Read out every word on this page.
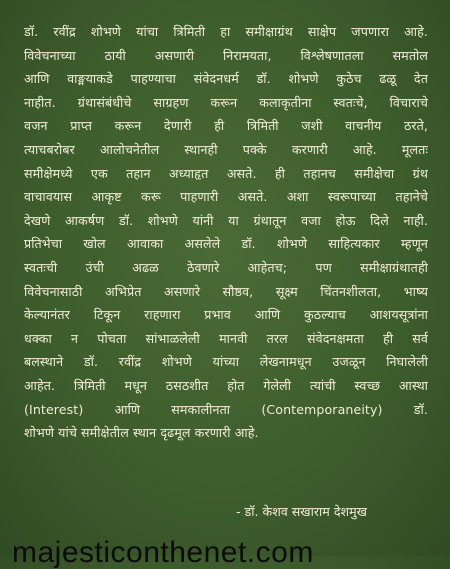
डॉ. रवींद्र शोभणे यांचा त्रिमिती हा समीक्षाग्रंथ साक्षेप जपणारा आहे.
विवेचनाच्या ठायी असणारी निरामयता, विश्लेषणातला समतोल
आणि वाङ्मयाकडे पाहण्याचा संवेदनधर्म डॉ. शोभणे कुठेच ढळू देत
नाहीत. ग्रंथासंबंधीचे साग्रहण करून कलाकृतीना स्वतःचे, विचाराचे
वजन प्राप्त करून देणारी ही त्रिमिती जशी वाचनीय ठरते,
त्याचबरोबर आलोचनेतील स्थानही पक्के करणारी आहे. मूलतः
समीक्षेमध्ये एक तहान अध्याहृत असते. ही तहानच समीक्षेचा ग्रंथ
वाचावयास आकृष्ट करू पाहणारी असते. अशा स्वरूपाच्या तहानेचे
देखणे आकर्षण डॉ. शोभणे यांनी या ग्रंथातून वजा होऊ दिले नाही.
प्रतिभेचा खोल आवाका असलेले डॉ. शोभणे साहित्यकार म्हणून
स्वतःची उंची अढळ ठेवणारे आहेतच; पण समीक्षाग्रंथातही
विवेचनासाठी अभिप्रेत असणारे सौष्ठव, सूक्ष्म चिंतनशीलता, भाष्य
केल्यानंतर टिकून राहणारा प्रभाव आणि कुठल्याच आशयसूत्रांना
धक्का न पोचता सांभाळलेली मानवी तरल संवेदनक्षमता ही सर्व
बलस्थाने डॉ. रवींद्र शोभणे यांच्या लेखनामधून उजळून निघालेली
आहेत. त्रिमिती मधून ठसठशीत होत गेलेली त्यांची स्वच्छ आस्था
(Interest) आणि समकालीनता (Contemporaneity) डॉ.
शोभणे यांचे समीक्षेतील स्थान दृढमूल करणारी आहे.
- डॉ. केशव सखाराम देशमुख
majesticonthenet.com
